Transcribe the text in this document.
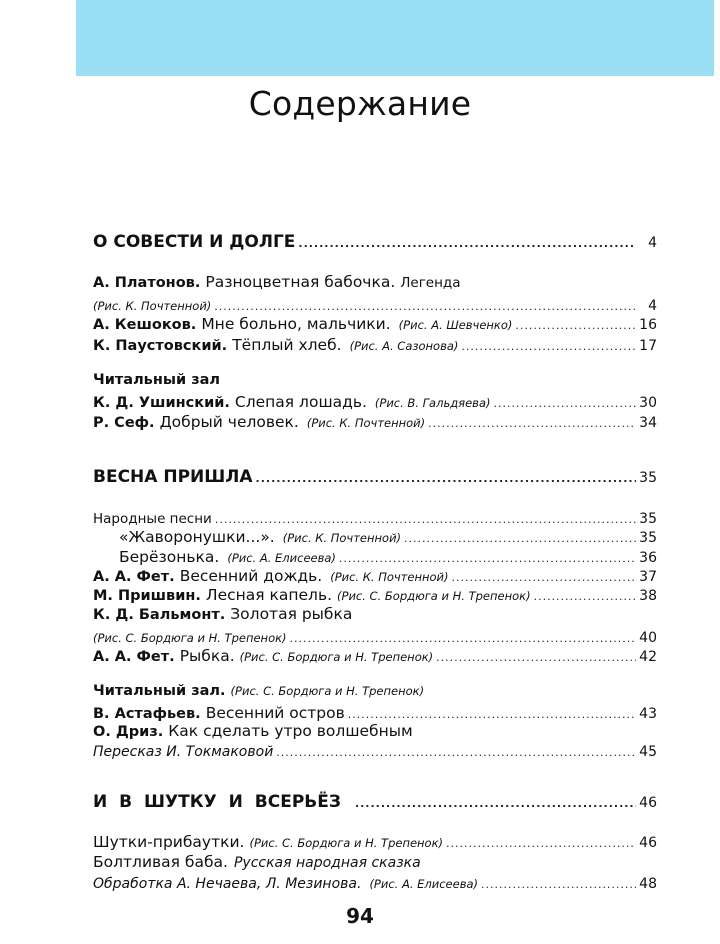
Содержание
О СОВЕСТИ И ДОЛГЕ .....	4
А. Платонов. Разноцветная бабочка. Легенда
(Рис. К. Почтенной) .....	4
А. Кешоков. Мне больно, мальчики. (Рис. А. Шевченко) .....	16
К. Паустовский. Тёплый хлеб. (Рис. А. Сазонова) .....	17
Читальный зал
К. Д. Ушинский. Слепая лошадь. (Рис. В. Гальдяева) .....	30
Р. Сеф. Добрый человек. (Рис. К. Почтенной) .....	34
ВЕСНА ПРИШЛА .....	35
Народные песни .....	35
«Жаворонушки...». (Рис. К. Почтенной) .....	35
Берёзонька. (Рис. А. Елисеева) .....	36
А. А. Фет. Весенний дождь. (Рис. К. Почтенной) .....	37
М. Пришвин. Лесная капель. (Рис. С. Бордюга и Н. Трепенок) .....	38
К. Д. Бальмонт. Золотая рыбка
(Рис. С. Бордюга и Н. Трепенок) .....	40
А. А. Фет. Рыбка. (Рис. С. Бордюга и Н. Трепенок) .....	42
Читальный зал. (Рис. С. Бордюга и Н. Трепенок)
В. Астафьев. Весенний остров .....	43
О. Дриз. Как сделать утро волшебным
Пересказ И. Токмаковой .....	45
И В ШУТКУ И ВСЕРЬЁЗ .....	46
Шутки-прибаутки. (Рис. С. Бордюга и Н. Трепенок) .....	46
Болтливая баба. Русская народная сказка
Обработка А. Нечаева, Л. Мезинова. (Рис. А. Елисеева) .....	48
94
